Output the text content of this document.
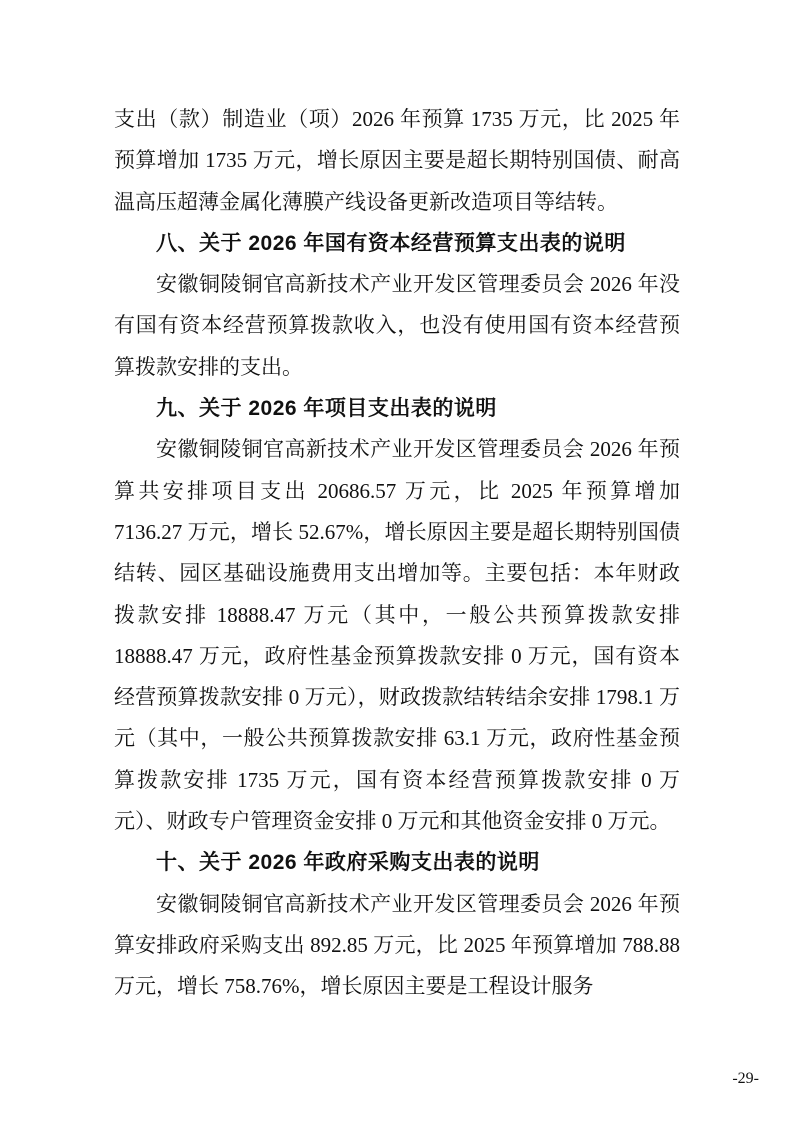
支出（款）制造业（项）2026 年预算 1735 万元，比 2025 年预算增加 1735 万元，增长原因主要是超长期特别国债、耐高温高压超薄金属化薄膜产线设备更新改造项目等结转。

八、关于 2026 年国有资本经营预算支出表的说明

安徽铜陵铜官高新技术产业开发区管理委员会 2026 年没有国有资本经营预算拨款收入，也没有使用国有资本经营预算拨款安排的支出。

九、关于 2026 年项目支出表的说明

安徽铜陵铜官高新技术产业开发区管理委员会 2026 年预算共安排项目支出 20686.57 万元，比 2025 年预算增加 7136.27 万元，增长 52.67%，增长原因主要是超长期特别国债结转、园区基础设施费用支出增加等。主要包括：本年财政拨款安排 18888.47 万元（其中，一般公共预算拨款安排 18888.47 万元，政府性基金预算拨款安排 0 万元，国有资本经营预算拨款安排 0 万元），财政拨款结转结余安排 1798.1 万元（其中，一般公共预算拨款安排 63.1 万元，政府性基金预算拨款安排 1735 万元，国有资本经营预算拨款安排 0 万元）、财政专户管理资金安排 0 万元和其他资金安排 0 万元。

十、关于 2026 年政府采购支出表的说明

安徽铜陵铜官高新技术产业开发区管理委员会 2026 年预算安排政府采购支出 892.85 万元，比 2025 年预算增加 788.88 万元，增长 758.76%，增长原因主要是工程设计服务

-29-
